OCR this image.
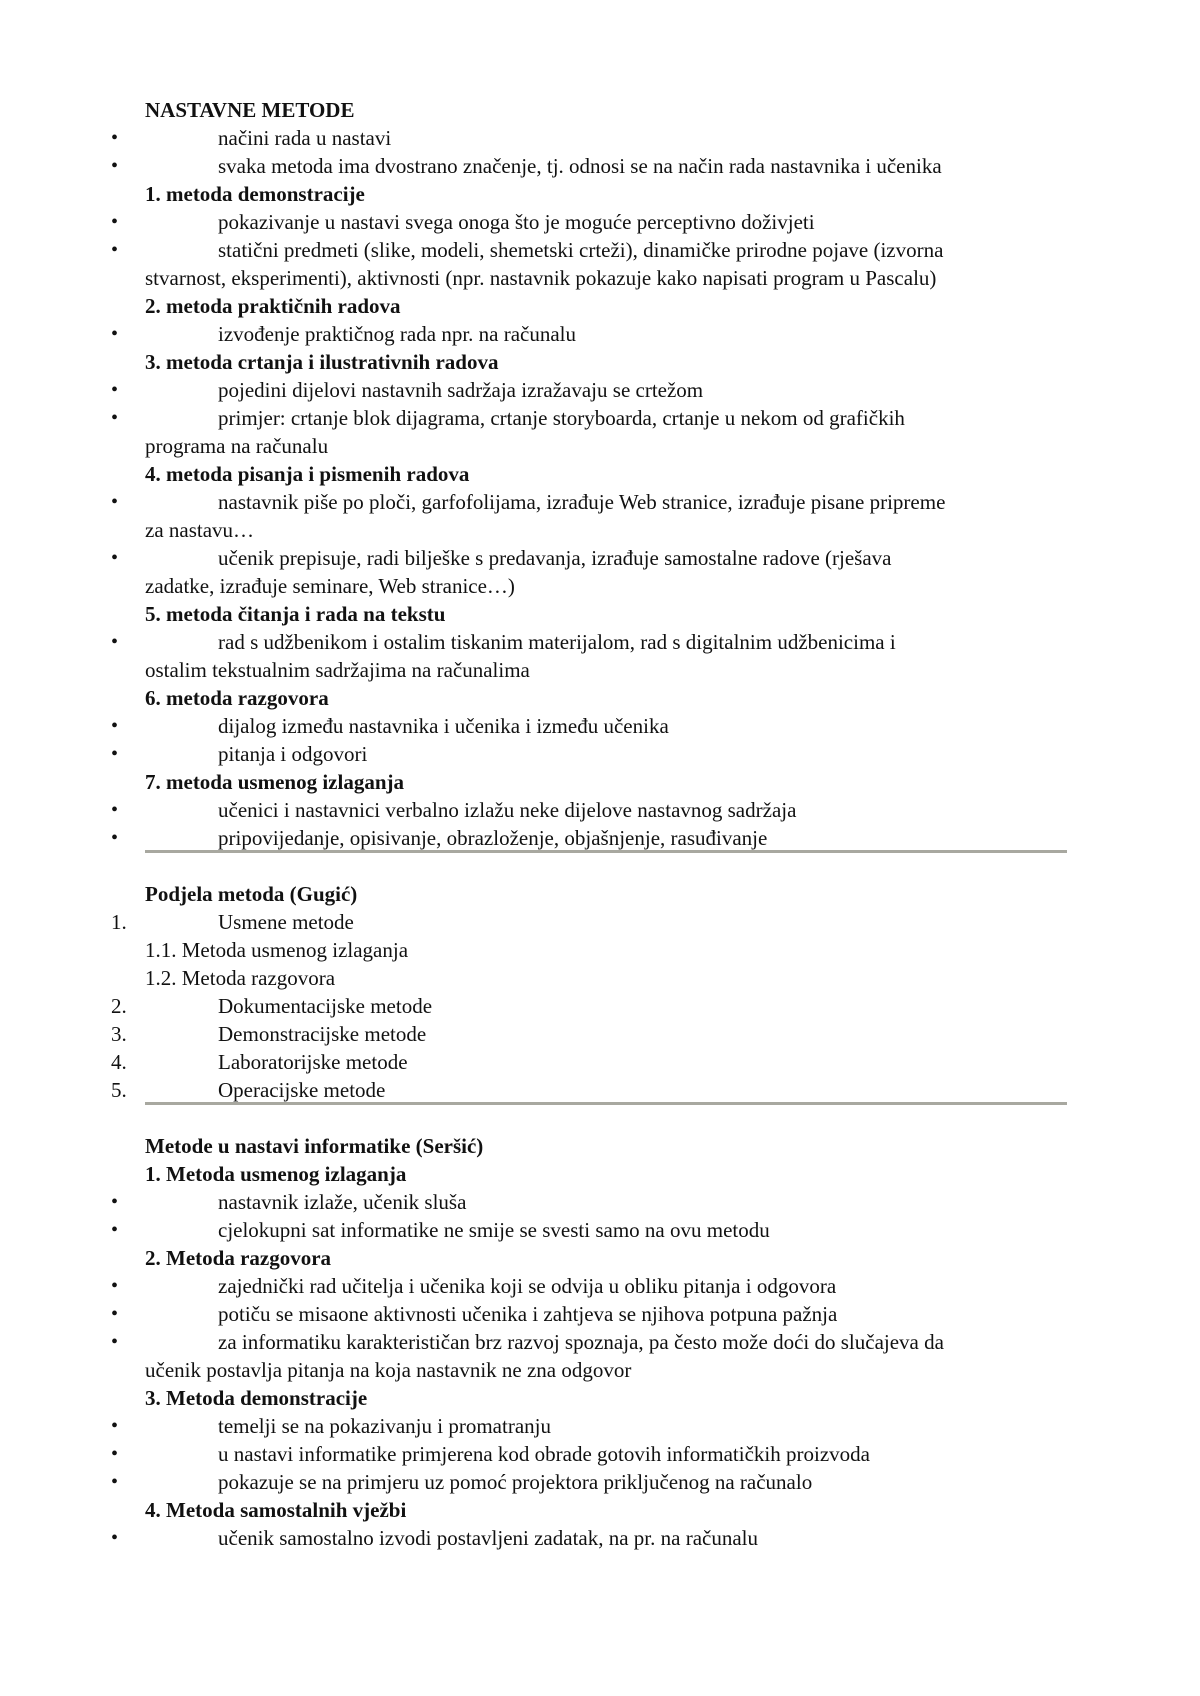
NASTAVNE METODE
•	načini rada u nastavi
•	svaka metoda ima dvostrano značenje, tj. odnosi se na način rada nastavnika i učenika
1. metoda demonstracije
•	pokazivanje u nastavi svega onoga što je moguće perceptivno doživjeti
•	statični predmeti (slike, modeli, shemetski crteži), dinamičke prirodne pojave (izvorna
stvarnost, eksperimenti), aktivnosti (npr. nastavnik pokazuje kako napisati program u Pascalu)
2. metoda praktičnih radova
•	izvođenje praktičnog rada npr. na računalu
3. metoda crtanja i ilustrativnih radova
•	pojedini dijelovi nastavnih sadržaja izražavaju se crtežom
•	primjer: crtanje blok dijagrama, crtanje storyboarda, crtanje u nekom od grafičkih
programa na računalu
4. metoda pisanja i pismenih radova
•	nastavnik piše po ploči, garfofolijama, izrađuje Web stranice, izrađuje pisane pripreme
za nastavu…
•	učenik prepisuje, radi bilješke s predavanja, izrađuje samostalne radove (rješava
zadatke, izrađuje seminare, Web stranice…)
5. metoda čitanja i rada na tekstu
•	rad s udžbenikom i ostalim tiskanim materijalom, rad s digitalnim udžbenicima i
ostalim tekstualnim sadržajima na računalima
6. metoda razgovora
•	dijalog između nastavnika i učenika i između učenika
•	pitanja i odgovori
7. metoda usmenog izlaganja
•	učenici i nastavnici verbalno izlažu neke dijelove nastavnog sadržaja
•	pripovijedanje, opisivanje, obrazloženje, objašnjenje, rasuđivanje
Podjela metoda (Gugić)
1.	Usmene metode
1.1. Metoda usmenog izlaganja
1.2. Metoda razgovora
2.	Dokumentacijske metode
3.	Demonstracijske metode
4.	Laboratorijske metode
5.	Operacijske metode
Metode u nastavi informatike (Seršić)
1. Metoda usmenog izlaganja
•	nastavnik izlaže, učenik sluša
•	cjelokupni sat informatike ne smije se svesti samo na ovu metodu
2. Metoda razgovora
•	zajednički rad učitelja i učenika koji se odvija u obliku pitanja i odgovora
•	potiču se misaone aktivnosti učenika i zahtjeva se njihova potpuna pažnja
•	za informatiku karakterističan brz razvoj spoznaja, pa često može doći do slučajeva da
učenik postavlja pitanja na koja nastavnik ne zna odgovor
3. Metoda demonstracije
•	temelji se na pokazivanju i promatranju
•	u nastavi informatike primjerena kod obrade gotovih informatičkih proizvoda
•	pokazuje se na primjeru uz pomoć projektora priključenog na računalo
4. Metoda samostalnih vježbi
•	učenik samostalno izvodi postavljeni zadatak, na pr. na računalu
